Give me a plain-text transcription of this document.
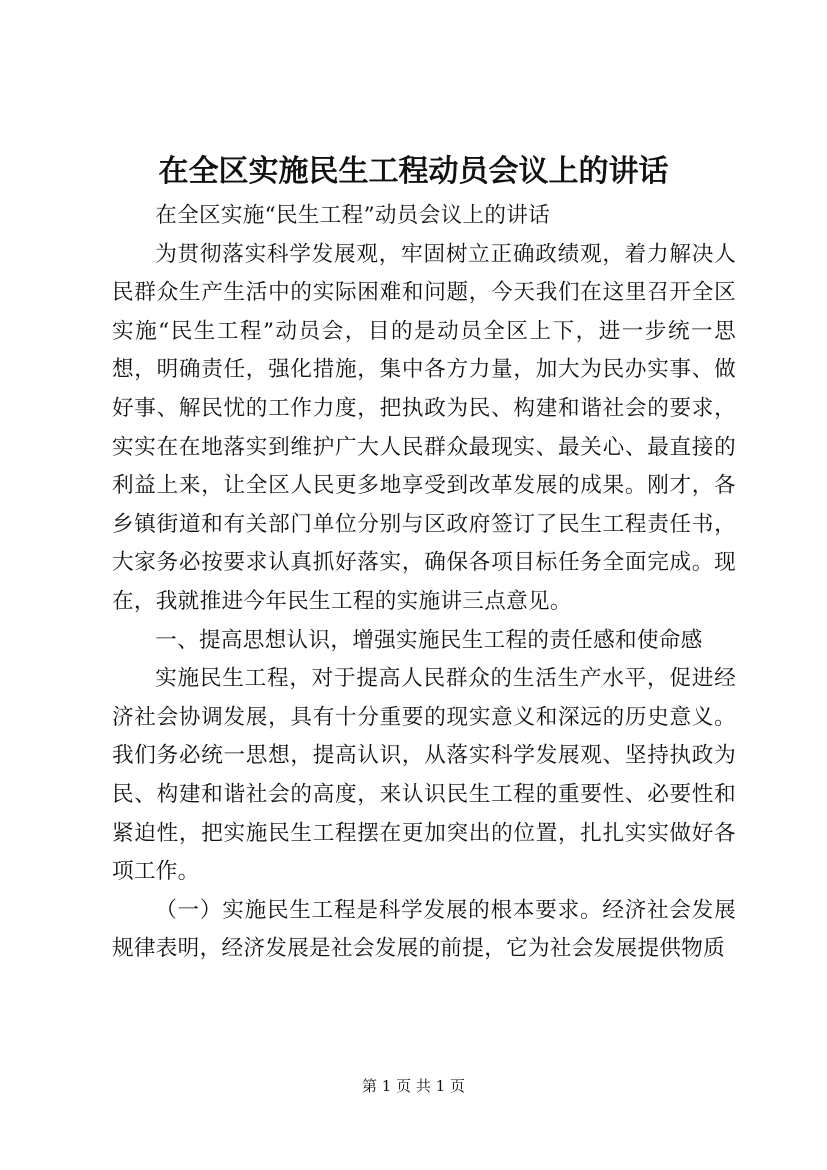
在全区实施民生工程动员会议上的讲话

在全区实施“民生工程”动员会议上的讲话

为贯彻落实科学发展观，牢固树立正确政绩观，着力解决人民群众生产生活中的实际困难和问题，今天我们在这里召开全区实施“民生工程”动员会，目的是动员全区上下，进一步统一思想，明确责任，强化措施，集中各方力量，加大为民办实事、做好事、解民忧的工作力度，把执政为民、构建和谐社会的要求，实实在在地落实到维护广大人民群众最现实、最关心、最直接的利益上来，让全区人民更多地享受到改革发展的成果。刚才，各乡镇街道和有关部门单位分别与区政府签订了民生工程责任书，大家务必按要求认真抓好落实，确保各项目标任务全面完成。现在，我就推进今年民生工程的实施讲三点意见。

一、提高思想认识，增强实施民生工程的责任感和使命感

实施民生工程，对于提高人民群众的生活生产水平，促进经济社会协调发展，具有十分重要的现实意义和深远的历史意义。我们务必统一思想，提高认识，从落实科学发展观、坚持执政为民、构建和谐社会的高度，来认识民生工程的重要性、必要性和紧迫性，把实施民生工程摆在更加突出的位置，扎扎实实做好各项工作。

（一）实施民生工程是科学发展的根本要求。经济社会发展规律表明，经济发展是社会发展的前提，它为社会发展提供物质

第 1 页 共 1 页
